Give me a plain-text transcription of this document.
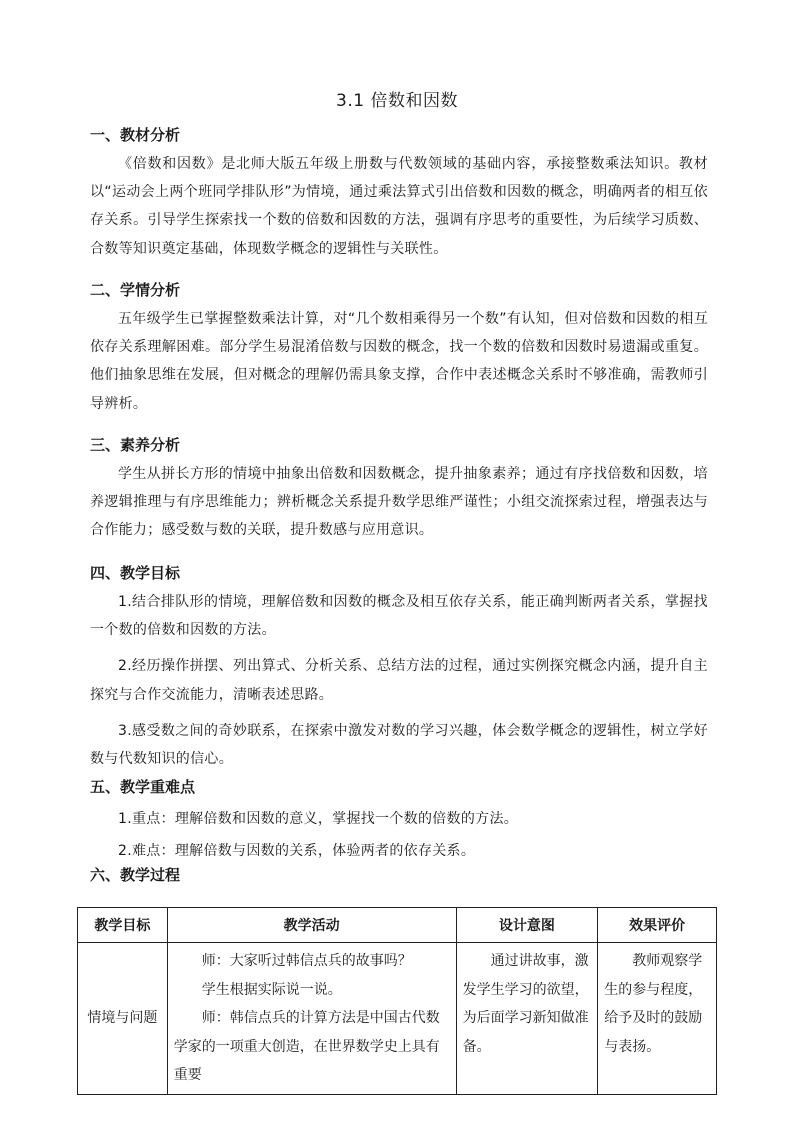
3.1 倍数和因数

一、教材分析

《倍数和因数》是北师大版五年级上册数与代数领域的基础内容，承接整数乘法知识。教材以“运动会上两个班同学排队形”为情境，通过乘法算式引出倍数和因数的概念，明确两者的相互依存关系。引导学生探索找一个数的倍数和因数的方法，强调有序思考的重要性，为后续学习质数、合数等知识奠定基础，体现数学概念的逻辑性与关联性。

二、学情分析

五年级学生已掌握整数乘法计算，对“几个数相乘得另一个数”有认知，但对倍数和因数的相互依存关系理解困难。部分学生易混淆倍数与因数的概念，找一个数的倍数和因数时易遗漏或重复。他们抽象思维在发展，但对概念的理解仍需具象支撑，合作中表述概念关系时不够准确，需教师引导辨析。

三、素养分析

学生从拼长方形的情境中抽象出倍数和因数概念，提升抽象素养；通过有序找倍数和因数，培养逻辑推理与有序思维能力；辨析概念关系提升数学思维严谨性；小组交流探索过程，增强表达与合作能力；感受数与数的关联，提升数感与应用意识。

四、教学目标

1.结合排队形的情境，理解倍数和因数的概念及相互依存关系，能正确判断两者关系，掌握找一个数的倍数和因数的方法。

2.经历操作拼摆、列出算式、分析关系、总结方法的过程，通过实例探究概念内涵，提升自主探究与合作交流能力，清晰表述思路。

3.感受数之间的奇妙联系，在探索中激发对数的学习兴趣，体会数学概念的逻辑性，树立学好数与代数知识的信心。

五、教学重难点

1.重点：理解倍数和因数的意义，掌握找一个数的倍数的方法。

2.难点：理解倍数与因数的关系，体验两者的依存关系。

六、教学过程

教学目标	教学活动	设计意图	效果评价
情境与问题	师：大家听过韩信点兵的故事吗？
学生根据实际说一说。
师：韩信点兵的计算方法是中国古代数学家的一项重大创造，在世界数学史上具有重要	通过讲故事，激发学生学习的欲望，为后面学习新知做准备。	教师观察学生的参与程度，给予及时的鼓励与表扬。
